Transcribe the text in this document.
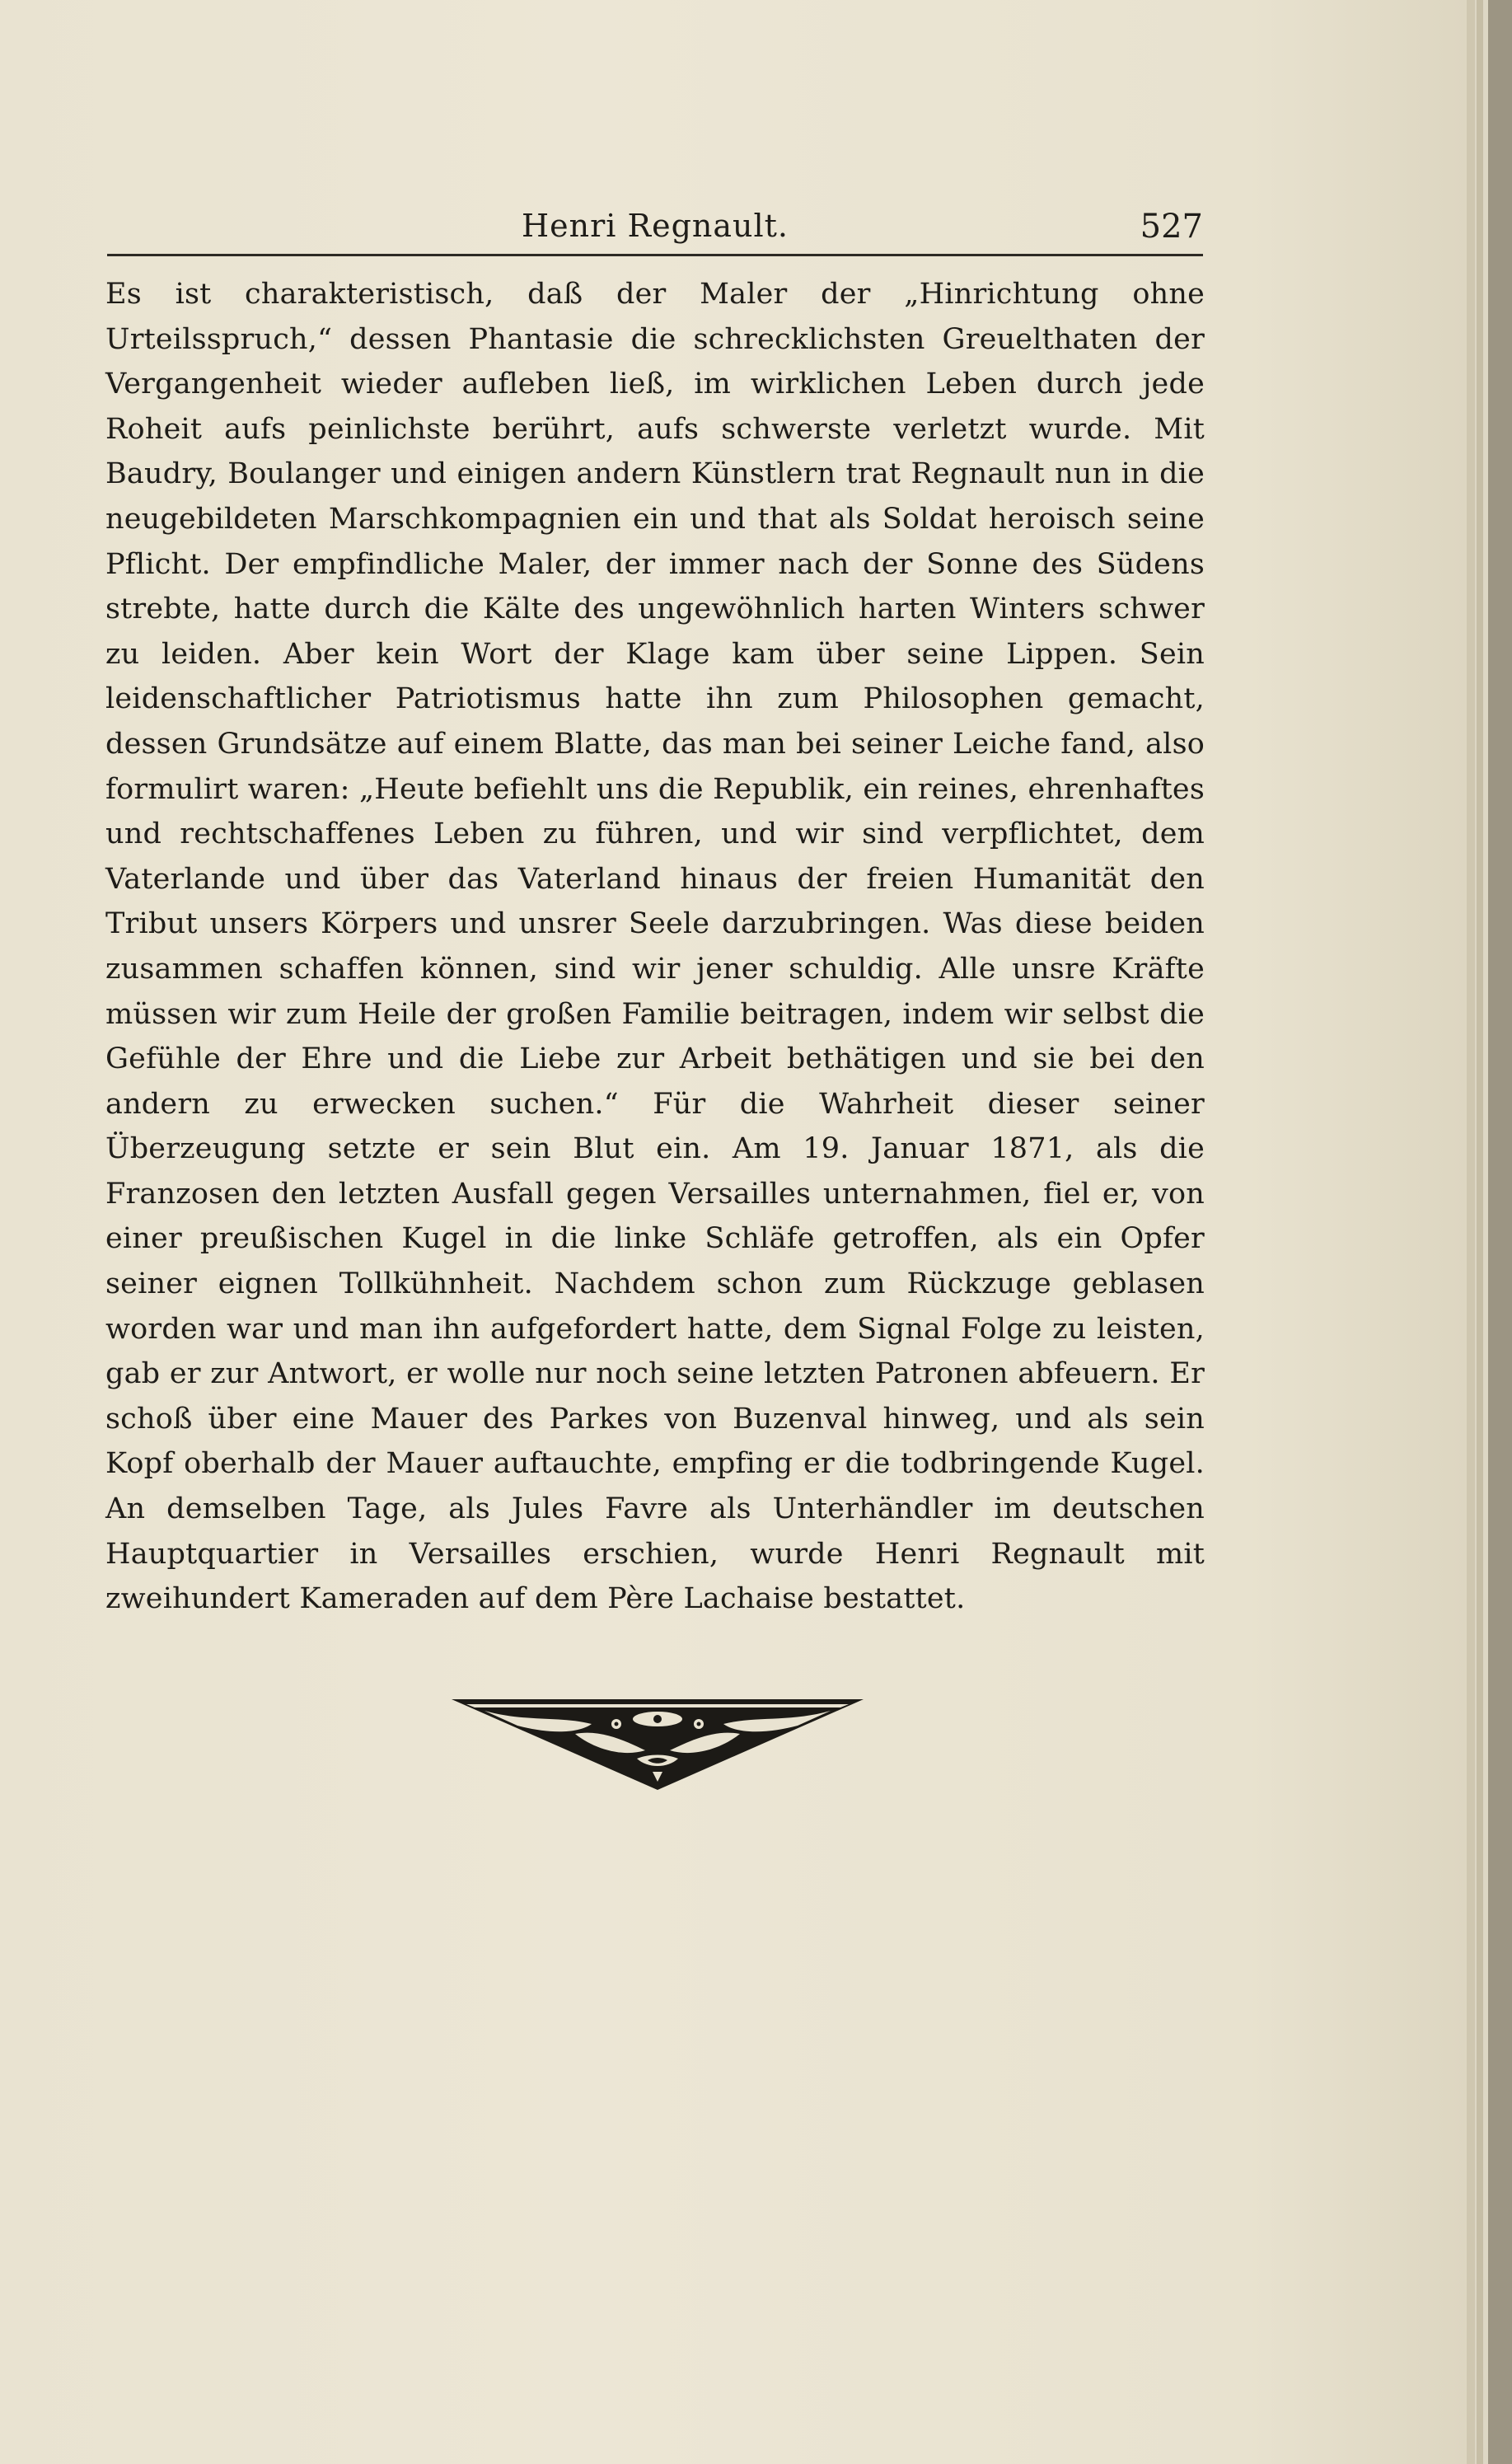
Henri Regnault.	527

Es ist charakteristisch, daß der Maler der „Hinrichtung ohne Urteilsspruch,“ dessen Phantasie die schrecklichsten Greuelthaten der Vergangenheit wieder aufleben ließ, im wirklichen Leben durch jede Roheit aufs peinlichste berührt, aufs schwerste verletzt wurde. Mit Baudry, Boulanger und einigen andern Künstlern trat Regnault nun in die neugebildeten Marschkompagnien ein und that als Soldat heroisch seine Pflicht. Der empfindliche Maler, der immer nach der Sonne des Südens strebte, hatte durch die Kälte des ungewöhnlich harten Winters schwer zu leiden. Aber kein Wort der Klage kam über seine Lippen. Sein leidenschaftlicher Patriotismus hatte ihn zum Philosophen gemacht, dessen Grundsätze auf einem Blatte, das man bei seiner Leiche fand, also formulirt waren: „Heute befiehlt uns die Republik, ein reines, ehrenhaftes und rechtschaffenes Leben zu führen, und wir sind verpflichtet, dem Vaterlande und über das Vaterland hinaus der freien Humanität den Tribut unsers Körpers und unsrer Seele darzubringen. Was diese beiden zusammen schaffen können, sind wir jener schuldig. Alle unsre Kräfte müssen wir zum Heile der großen Familie beitragen, indem wir selbst die Gefühle der Ehre und die Liebe zur Arbeit bethätigen und sie bei den andern zu erwecken suchen.“ Für die Wahrheit dieser seiner Überzeugung setzte er sein Blut ein. Am 19. Januar 1871, als die Franzosen den letzten Ausfall gegen Versailles unternahmen, fiel er, von einer preußischen Kugel in die linke Schläfe getroffen, als ein Opfer seiner eignen Tollkühnheit. Nachdem schon zum Rückzuge geblasen worden war und man ihn aufgefordert hatte, dem Signal Folge zu leisten, gab er zur Antwort, er wolle nur noch seine letzten Patronen abfeuern. Er schoß über eine Mauer des Parkes von Buzenval hinweg, und als sein Kopf oberhalb der Mauer auftauchte, empfing er die todbringende Kugel. An demselben Tage, als Jules Favre als Unterhändler im deutschen Hauptquartier in Versailles erschien, wurde Henri Regnault mit zweihundert Kameraden auf dem Père Lachaise bestattet.
